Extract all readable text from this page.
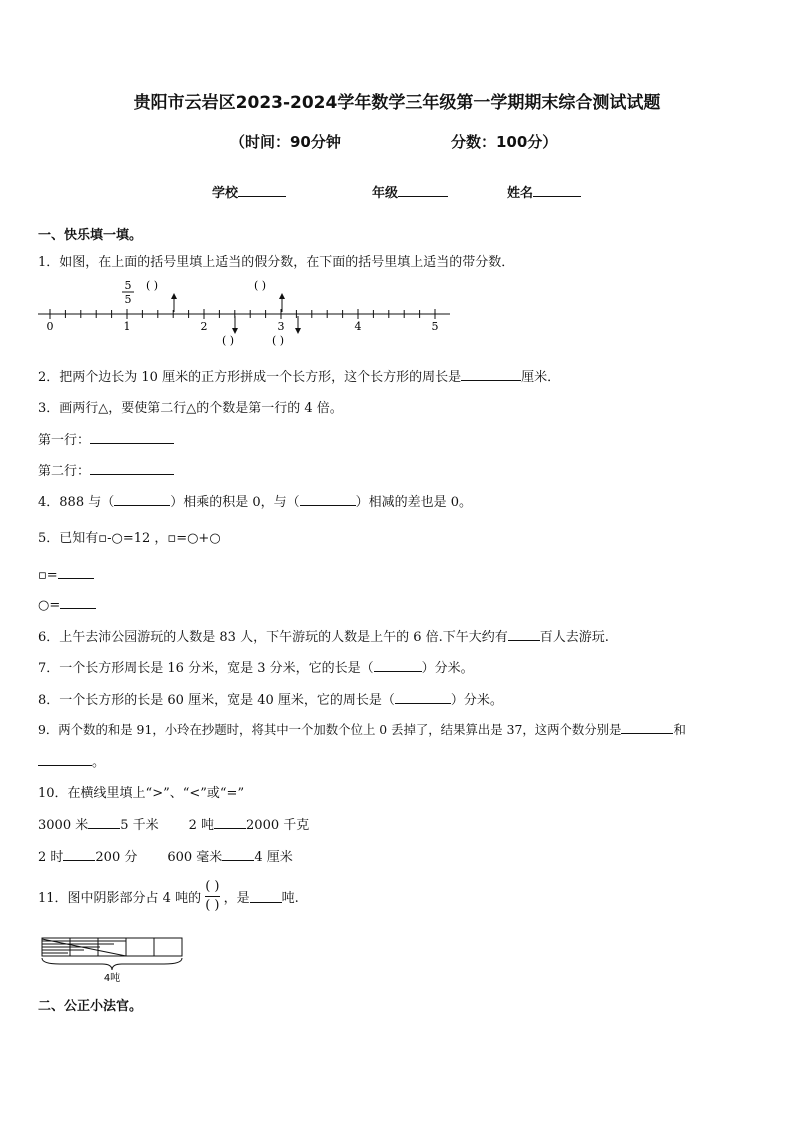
贵阳市云岩区2023-2024学年数学三年级第一学期期末综合测试试题
（时间：90分钟	分数：100分）
学校	年级	姓名
一、快乐填一填。
1．如图，在上面的括号里填上适当的假分数，在下面的括号里填上适当的带分数．
0	1	2	3	4	5
5
5
( )	( )
( )	( )
2．把两个边长为 10 厘米的正方形拼成一个长方形，这个长方形的周长是	厘米．
3．画两行△，要使第二行△的个数是第一行的 4 倍。
第一行：
第二行：
4．888 与（	）相乘的积是 0，与（	）相减的差也是 0。
5．已知有▫-○=12 ，▫=○+○
▫=
○=
6．上午去沛公园游玩的人数是 83 人，下午游玩的人数是上午的 6 倍.下午大约有 百人去游玩.
7．一个长方形周长是 16 分米，宽是 3 分米，它的长是（	）分米。
8．一个长方形的长是 60 厘米，宽是 40 厘米，它的周长是（	）分米。
9．两个数的和是 91，小玲在抄题时，将其中一个加数个位上 0 丢掉了，结果算出是 37，这两个数分别是	和
。
10．在横线里填上“>”、“<”或“=”
3000 米 5 千米 2 吨 2000 千克
2 时 200 分 600 毫米 4 厘米
11．图中阴影部分占 4 吨的 $\frac{( )}{( )}$ ，是 吨.
4吨
二、公正小法官。
